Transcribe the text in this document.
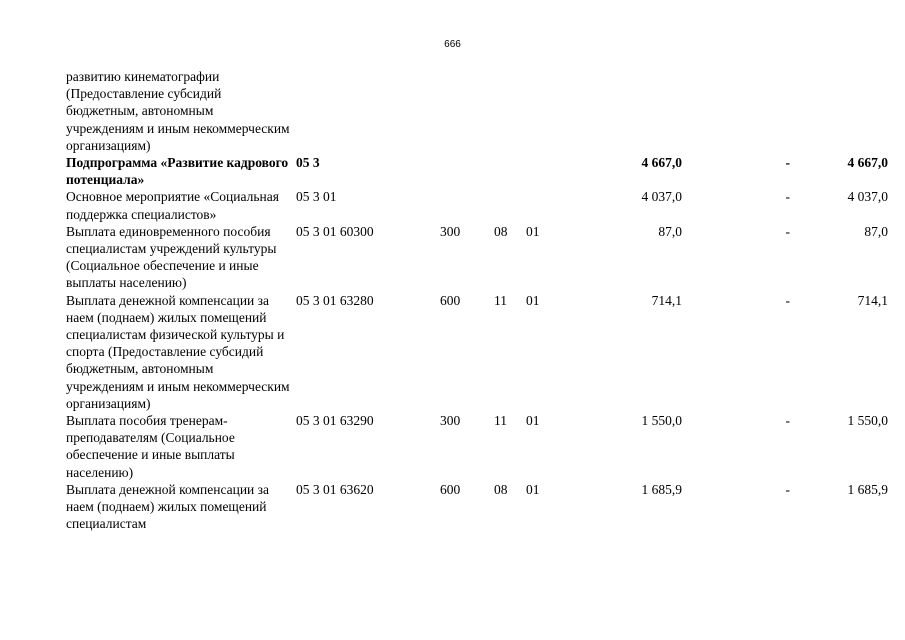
666
развитию кинематографии (Предоставление субсидий бюджетным, автономным учреждениям и иным некоммерческим организациям)							
Подпрограмма «Развитие кадрового потенциала»	05 3				4 667,0	-	4 667,0
Основное мероприятие «Социальная поддержка специалистов»	05 3 01				4 037,0	-	4 037,0
Выплата единовременного пособия специалистам учреждений культуры (Социальное обеспечение и иные выплаты населению)	05 3 01 60300	300	08	01	87,0	-	87,0
Выплата денежной компенсации за наем (поднаем) жилых помещений специалистам физической культуры и спорта (Предоставление субсидий бюджетным, автономным учреждениям и иным некоммерческим организациям)	05 3 01 63280	600	11	01	714,1	-	714,1
Выплата пособия тренерам-преподавателям (Социальное обеспечение и иные выплаты населению)	05 3 01 63290	300	11	01	1 550,0	-	1 550,0
Выплата денежной компенсации за наем (поднаем) жилых помещений специалистам	05 3 01 63620	600	08	01	1 685,9	-	1 685,9
